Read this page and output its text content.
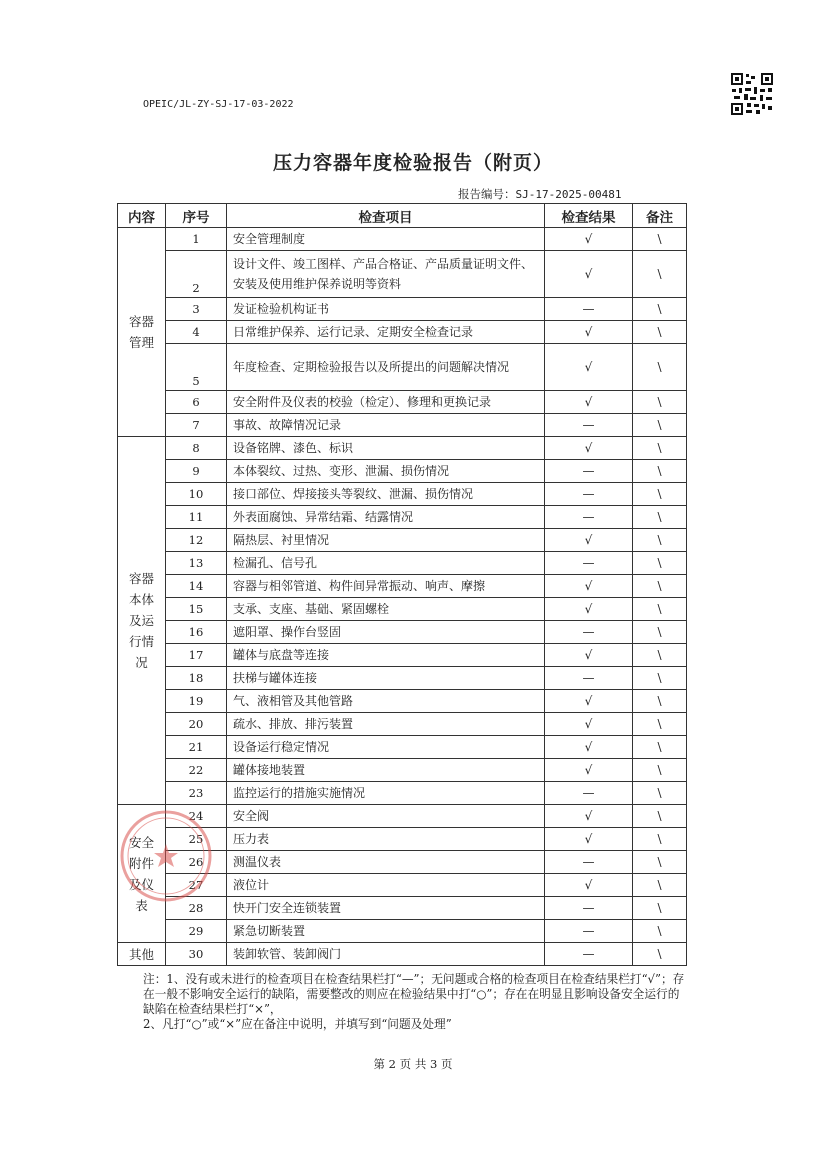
OPEIC/JL-ZY-SJ-17-03-2022
压力容器年度检验报告（附页）
报告编号：SJ-17-2025-00481
内容	序号	检查项目	检查结果	备注

容器
管理	1	安全管理制度	√	\
	2	设计文件、竣工图样、产品合格证、产品质量证明文件、安装及使用维护保养说明等资料	√	\
	3	发证检验机构证书	—	\
	4	日常维护保养、运行记录、定期安全检查记录	√	\
	5	年度检查、定期检验报告以及所提出的问题解决情况	√	\
	6	安全附件及仪表的校验（检定）、修理和更换记录	√	\
	7	事故、故障情况记录	—	\

容器
本体
及运
行情
况	8	设备铭牌、漆色、标识	√	\
	9	本体裂纹、过热、变形、泄漏、损伤情况	—	\
	10	接口部位、焊接接头等裂纹、泄漏、损伤情况	—	\
	11	外表面腐蚀、异常结霜、结露情况	—	\
	12	隔热层、衬里情况	√	\
	13	检漏孔、信号孔	—	\
	14	容器与相邻管道、构件间异常振动、响声、摩擦	√	\
	15	支承、支座、基础、紧固螺栓	√	\
	16	遮阳罩、操作台竖固	—	\
	17	罐体与底盘等连接	√	\
	18	扶梯与罐体连接	—	\
	19	气、液相管及其他管路	√	\
	20	疏水、排放、排污装置	√	\
	21	设备运行稳定情况	√	\
	22	罐体接地装置	√	\
	23	监控运行的措施实施情况	—	\

安全
附件
及仪
表	24	安全阀	√	\
	25	压力表	√	\
	26	测温仪表	—	\
	27	液位计	√	\
	28	快开门安全连锁装置	—	\
	29	紧急切断装置	—	\

其他	30	装卸软管、装卸阀门	—	\

注：1、没有或未进行的检查项目在检查结果栏打“—”；无问题或合格的检查项目在检查结果栏打“√”；存在一般不影响安全运行的缺陷，需要整改的则应在检验结果中打“○”；存在在明显且影响设备安全运行的缺陷在检查结果栏打“×”，

2、凡打“○”或“×”应在备注中说明，并填写到“问题及处理”

第 2 页 共 3 页
